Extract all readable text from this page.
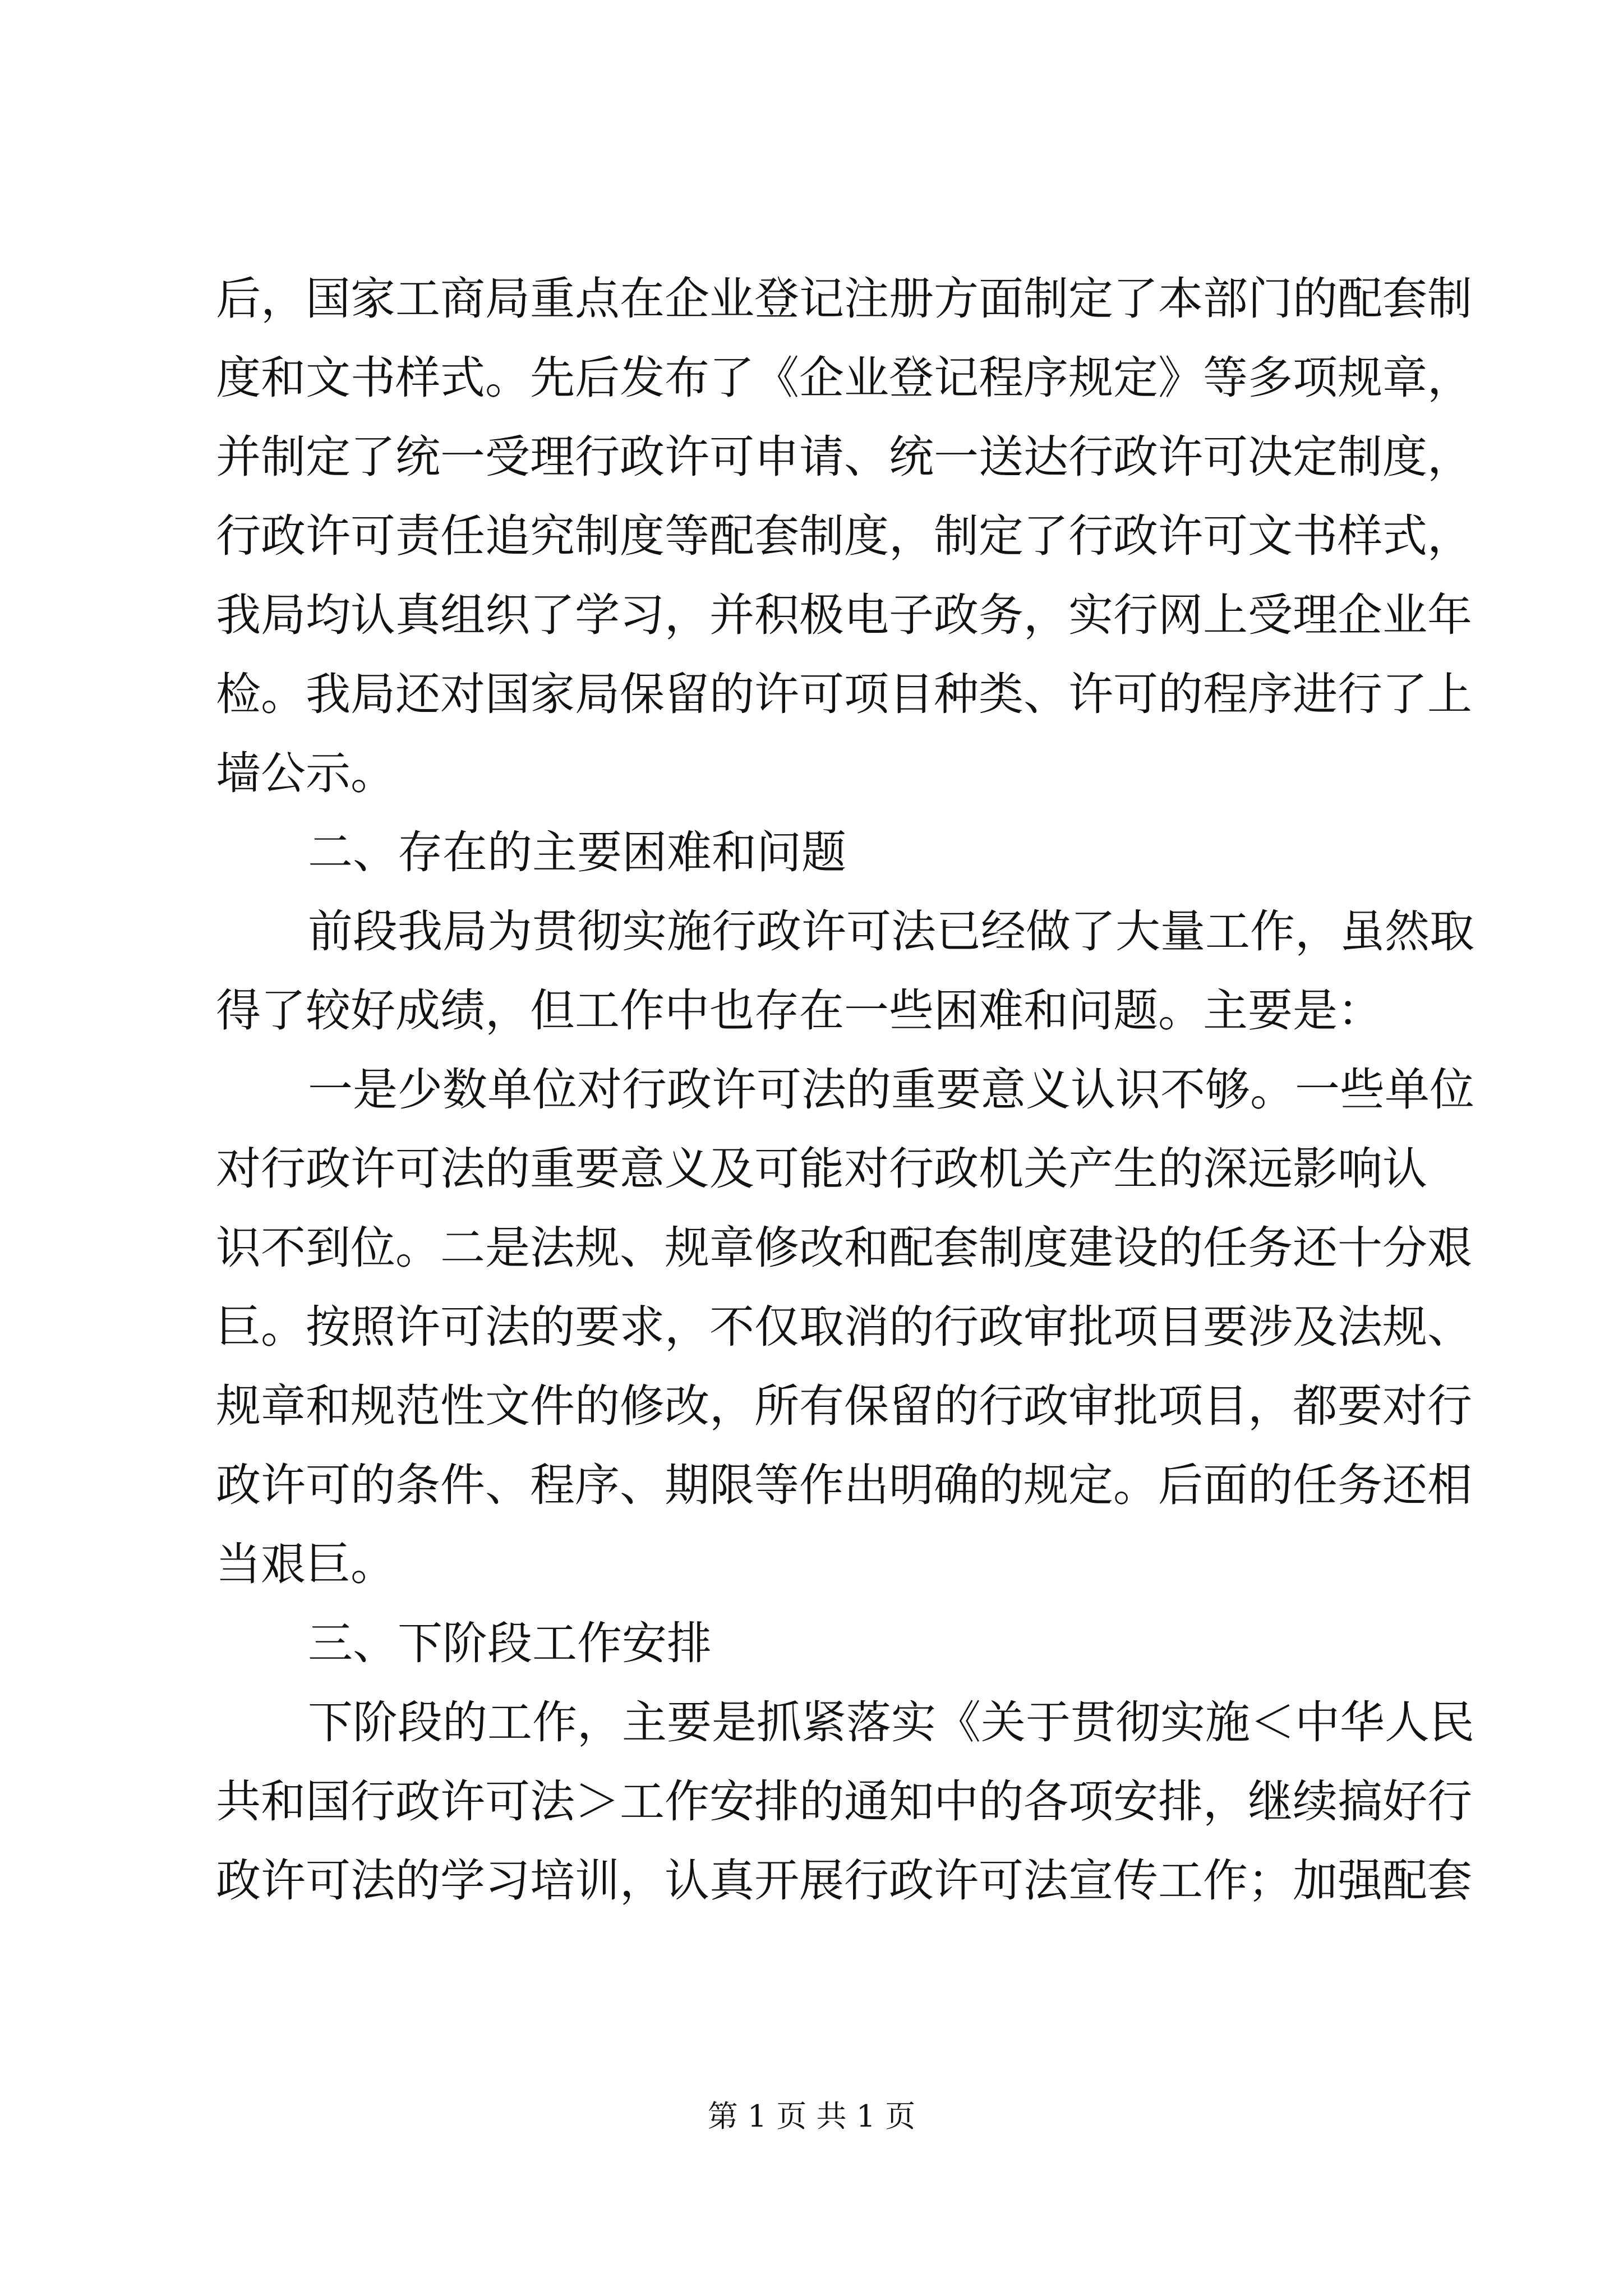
后，国家工商局重点在企业登记注册方面制定了本部门的配套制
度和文书样式。先后发布了《企业登记程序规定》等多项规章，
并制定了统一受理行政许可申请、统一送达行政许可决定制度，
行政许可责任追究制度等配套制度，制定了行政许可文书样式，
我局均认真组织了学习，并积极电子政务，实行网上受理企业年
检。我局还对国家局保留的许可项目种类、许可的程序进行了上
墙公示。
二、存在的主要困难和问题
前段我局为贯彻实施行政许可法已经做了大量工作，虽然取
得了较好成绩，但工作中也存在一些困难和问题。主要是：
一是少数单位对行政许可法的重要意义认识不够。一些单位
对行政许可法的重要意义及可能对行政机关产生的深远影响认
识不到位。二是法规、规章修改和配套制度建设的任务还十分艰
巨。按照许可法的要求，不仅取消的行政审批项目要涉及法规、
规章和规范性文件的修改，所有保留的行政审批项目，都要对行
政许可的条件、程序、期限等作出明确的规定。后面的任务还相
当艰巨。
三、下阶段工作安排
下阶段的工作，主要是抓紧落实《关于贯彻实施＜中华人民
共和国行政许可法＞工作安排的通知中的各项安排，继续搞好行
政许可法的学习培训，认真开展行政许可法宣传工作；加强配套
第 1 页 共 1 页
